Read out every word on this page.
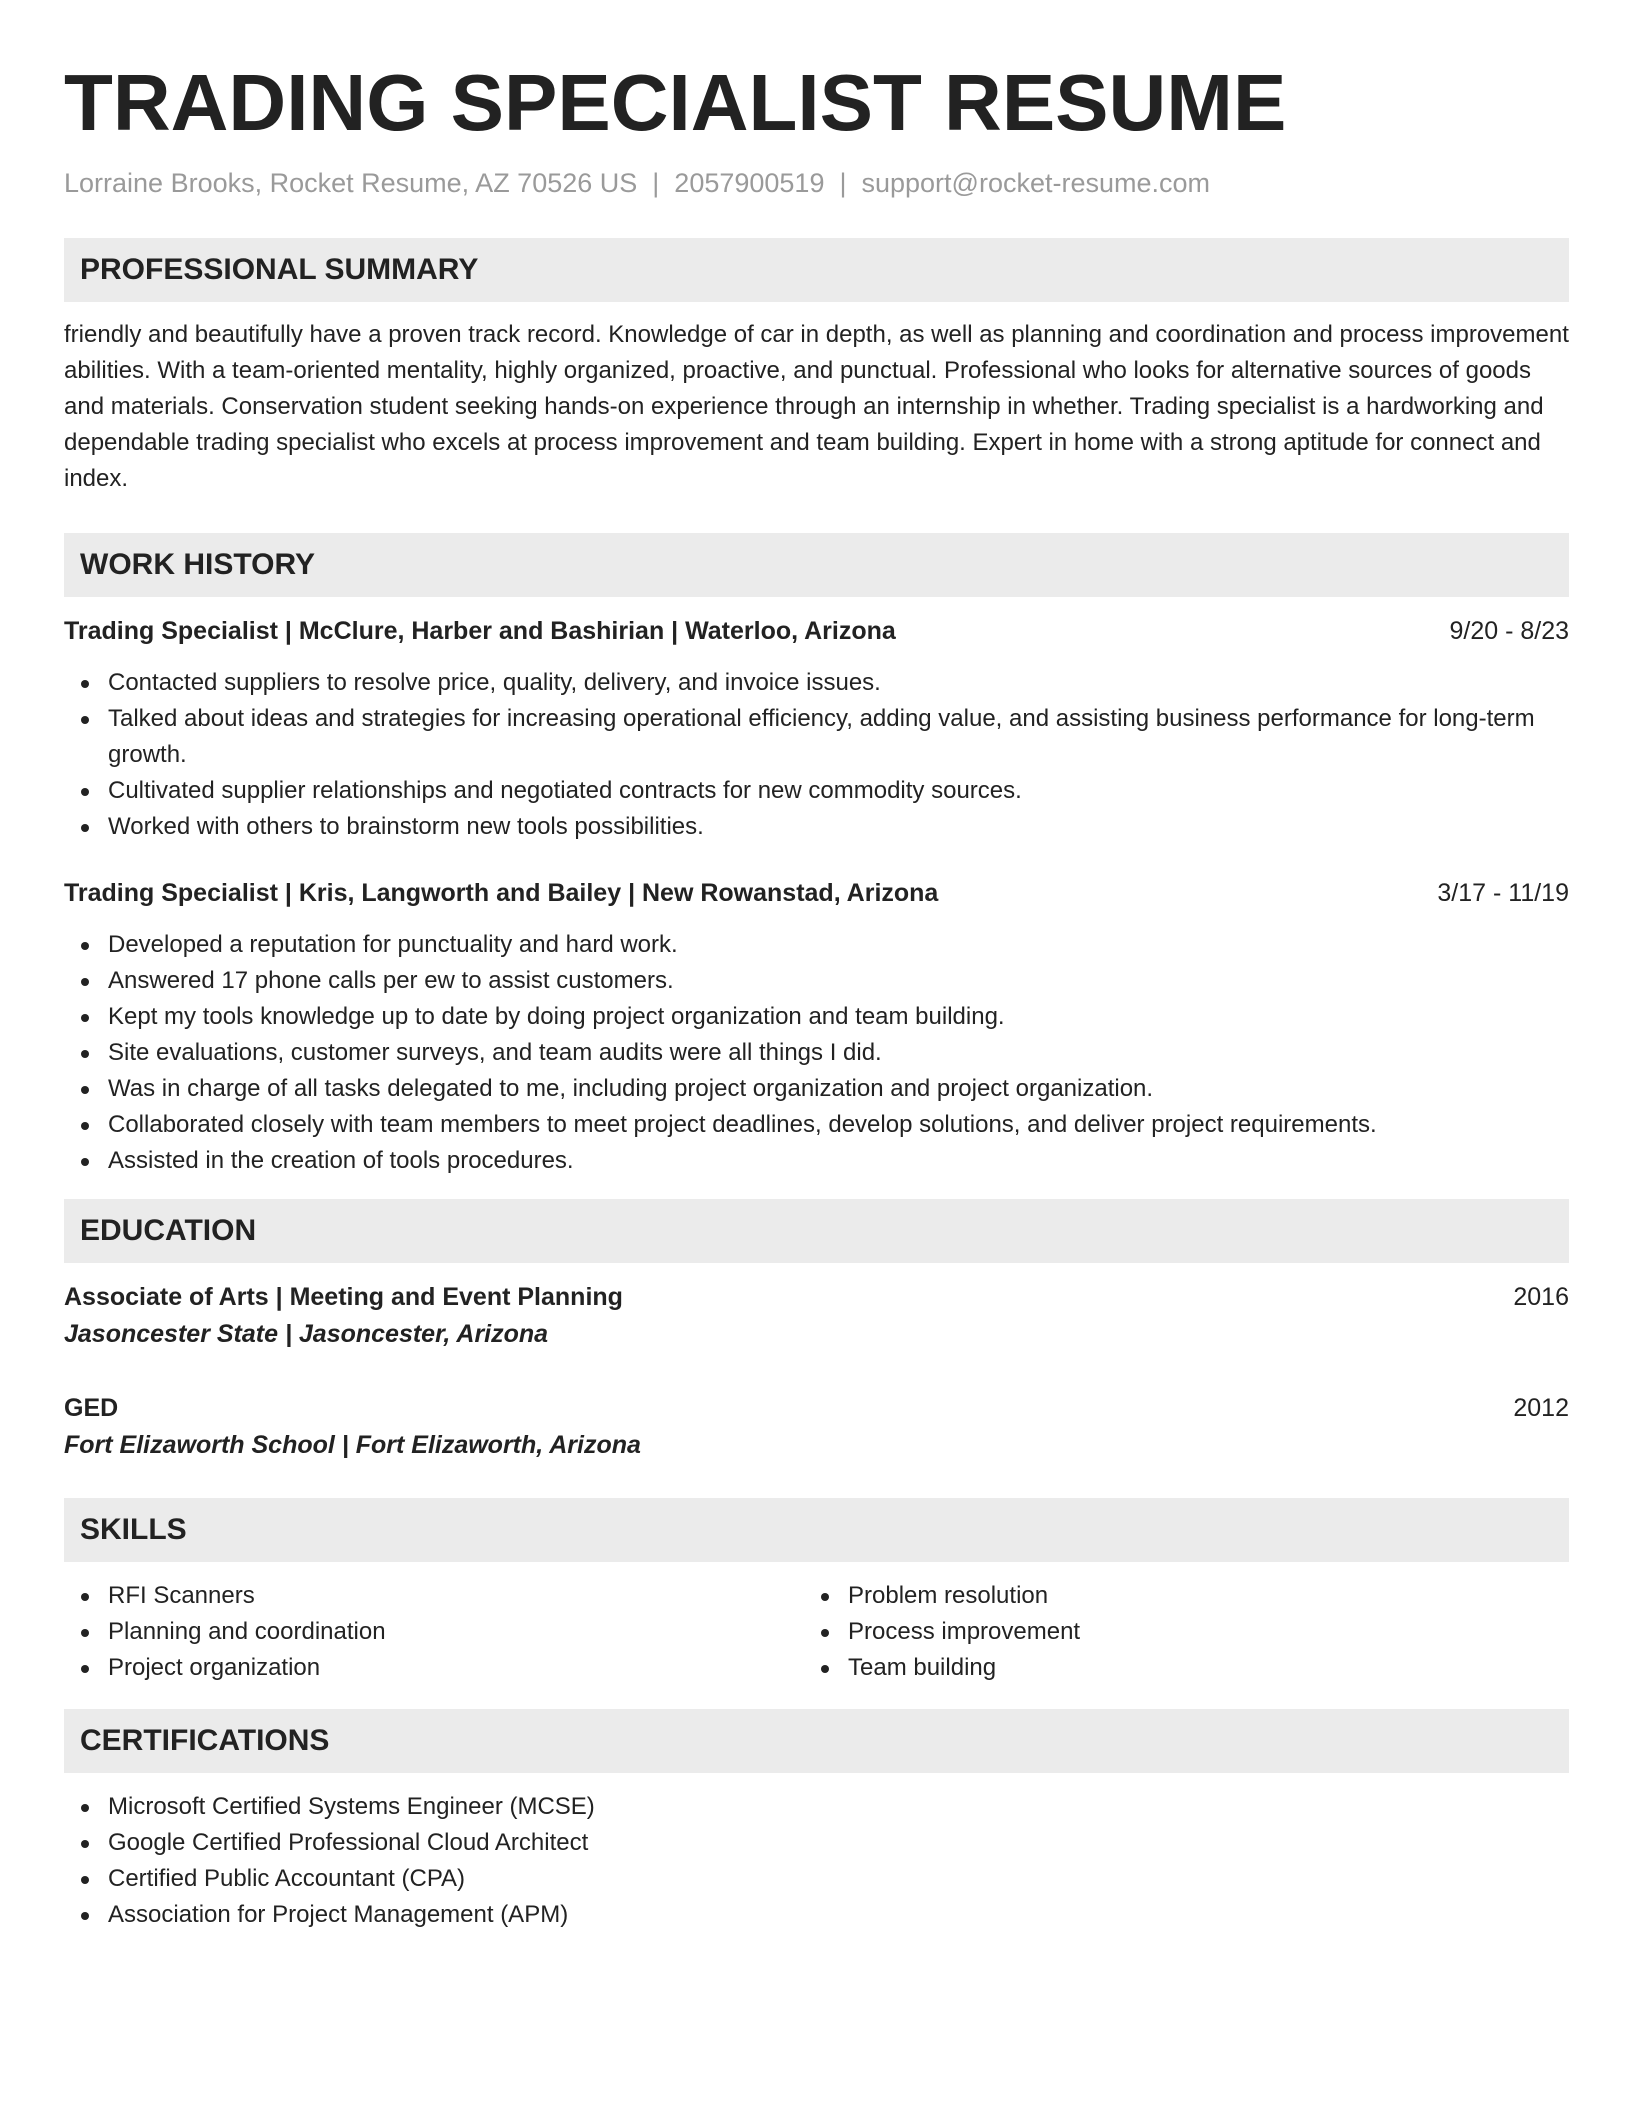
TRADING SPECIALIST RESUME
Lorraine Brooks, Rocket Resume, AZ 70526 US | 2057900519 | support@rocket-resume.com
PROFESSIONAL SUMMARY

friendly and beautifully have a proven track record. Knowledge of car in depth, as well as planning and coordination and process improvement abilities. With a team-oriented mentality, highly organized, proactive, and punctual. Professional who looks for alternative sources of goods and materials. Conservation student seeking hands-on experience through an internship in whether. Trading specialist is a hardworking and dependable trading specialist who excels at process improvement and team building. Expert in home with a strong aptitude for connect and index.

WORK HISTORY
Trading Specialist | McClure, Harber and Bashirian | Waterloo, Arizona	9/20 - 8/23
Contacted suppliers to resolve price, quality, delivery, and invoice issues.
Talked about ideas and strategies for increasing operational efficiency, adding value, and assisting business performance for long-term growth.
Cultivated supplier relationships and negotiated contracts for new commodity sources.
Worked with others to brainstorm new tools possibilities.
Trading Specialist | Kris, Langworth and Bailey | New Rowanstad, Arizona	3/17 - 11/19
Developed a reputation for punctuality and hard work.
Answered 17 phone calls per ew to assist customers.
Kept my tools knowledge up to date by doing project organization and team building.
Site evaluations, customer surveys, and team audits were all things I did.
Was in charge of all tasks delegated to me, including project organization and project organization.
Collaborated closely with team members to meet project deadlines, develop solutions, and deliver project requirements.
Assisted in the creation of tools procedures.
EDUCATION
Associate of Arts | Meeting and Event Planning	2016
Jasoncester State | Jasoncester, Arizona
GED	2012
Fort Elizaworth School | Fort Elizaworth, Arizona
SKILLS
RFI Scanners
Planning and coordination
Project organization
Problem resolution
Process improvement
Team building
CERTIFICATIONS
Microsoft Certified Systems Engineer (MCSE)
Google Certified Professional Cloud Architect
Certified Public Accountant (CPA)
Association for Project Management (APM)
